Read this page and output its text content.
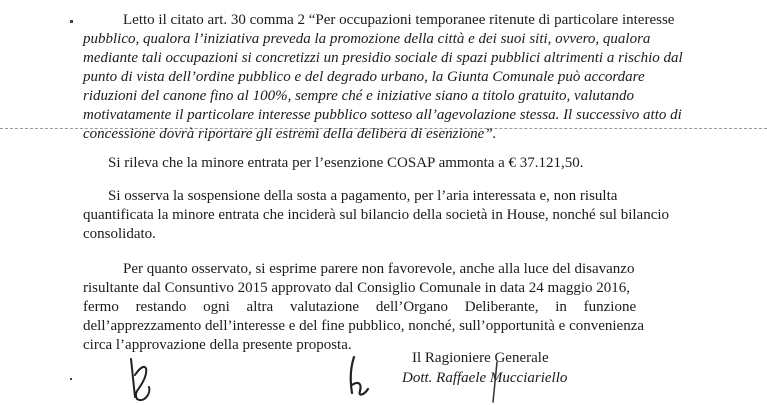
Letto il citato art. 30 comma 2 “Per occupazioni temporanee ritenute di particolare interesse
pubblico, qualora l’iniziativa preveda la promozione della città e dei suoi siti, ovvero, qualora
mediante tali occupazioni si concretizzi un presidio sociale di spazi pubblici altrimenti a rischio dal
punto di vista dell’ordine pubblico e del degrado urbano, la Giunta Comunale può accordare
riduzioni del canone fino al 100%, sempre ché e iniziative siano a titolo gratuito, valutando
motivatamente il particolare interesse pubblico sotteso all’agevolazione stessa. Il successivo atto di
concessione dovrà riportare gli estremi della delibera di esenzione”.
Si rileva che la minore entrata per l’esenzione COSAP ammonta a € 37.121,50.
Si osserva la sospensione della sosta a pagamento, per l’aria interessata e, non risulta
quantificata la minore entrata che inciderà sul bilancio della società in House, nonché sul bilancio
consolidato.
Per quanto osservato, si esprime parere non favorevole, anche alla luce del disavanzo
risultante dal Consuntivo 2015 approvato dal Consiglio Comunale in data 24 maggio 2016,
fermo restando ogni altra valutazione dell’Organo Deliberante, in funzione
dell’apprezzamento dell’interesse e del fine pubblico, nonché, sull’opportunità e convenienza
circa l’approvazione della presente proposta.
Il Ragioniere Generale
Dott. Raffaele Mucciariello
